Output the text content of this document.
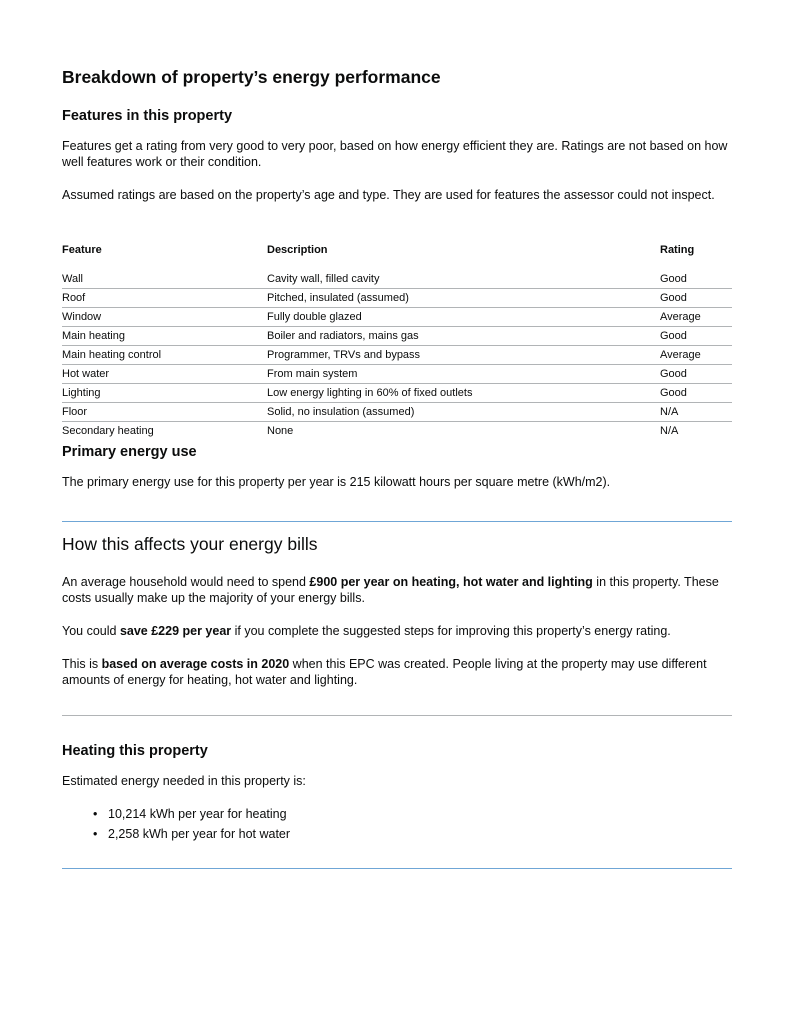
Breakdown of property’s energy performance
Features in this property

Features get a rating from very good to very poor, based on how energy efficient they are. Ratings are not based on how well features work or their condition.

Assumed ratings are based on the property’s age and type. They are used for features the assessor could not inspect.

Feature	Description	Rating
Wall	Cavity wall, filled cavity	Good
Roof	Pitched, insulated (assumed)	Good
Window	Fully double glazed	Average
Main heating	Boiler and radiators, mains gas	Good
Main heating control	Programmer, TRVs and bypass	Average
Hot water	From main system	Good
Lighting	Low energy lighting in 60% of fixed outlets	Good
Floor	Solid, no insulation (assumed)	N/A
Secondary heating	None	N/A
Primary energy use

The primary energy use for this property per year is 215 kilowatt hours per square metre (kWh/m2).

How this affects your energy bills

An average household would need to spend £900 per year on heating, hot water and lighting in this property. These costs usually make up the majority of your energy bills.

You could save £229 per year if you complete the suggested steps for improving this property’s energy rating.

This is based on average costs in 2020 when this EPC was created. People living at the property may use different amounts of energy for heating, hot water and lighting.

Heating this property

Estimated energy needed in this property is:

• 10,214 kWh per year for heating
• 2,258 kWh per year for hot water
